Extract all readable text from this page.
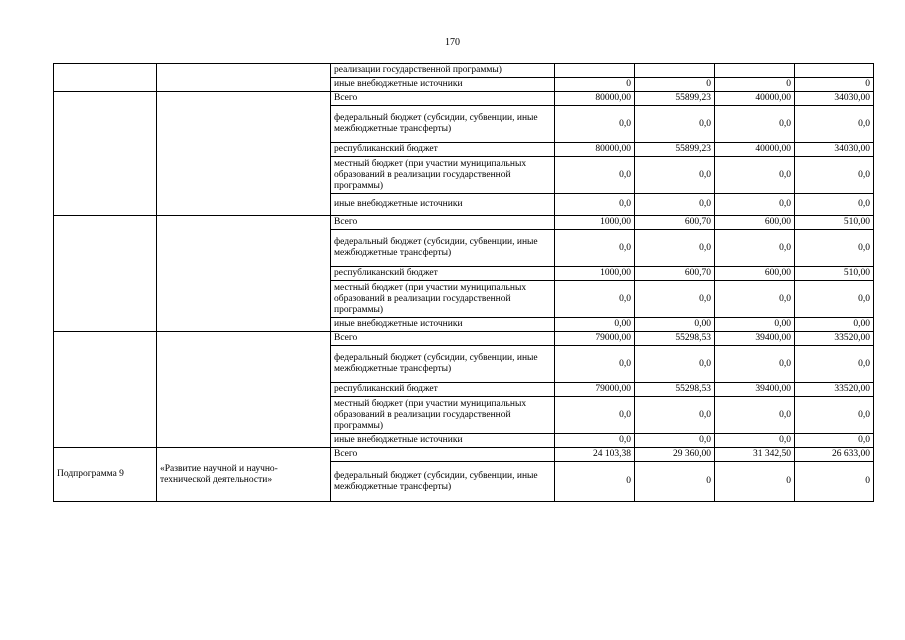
170
		реализации государственной программы)				
		иные внебюджетные источники	0	0	0	0
		Всего	80000,00	55899,23	40000,00	34030,00
		федеральный бюджет (субсидии, субвенции, иные межбюджетные трансферты)	0,0	0,0	0,0	0,0
		республиканский бюджет	80000,00	55899,23	40000,00	34030,00
		местный бюджет (при участии муниципальных образований в реализации государственной программы)	0,0	0,0	0,0	0,0
		иные внебюджетные источники	0,0	0,0	0,0	0,0
		Всего	1000,00	600,70	600,00	510,00
		федеральный бюджет (субсидии, субвенции, иные межбюджетные трансферты)	0,0	0,0	0,0	0,0
		республиканский бюджет	1000,00	600,70	600,00	510,00
		местный бюджет (при участии муниципальных образований в реализации государственной программы)	0,0	0,0	0,0	0,0
		иные внебюджетные источники	0,00	0,00	0,00	0,00
		Всего	79000,00	55298,53	39400,00	33520,00
		федеральный бюджет (субсидии, субвенции, иные межбюджетные трансферты)	0,0	0,0	0,0	0,0
		республиканский бюджет	79000,00	55298,53	39400,00	33520,00
		местный бюджет (при участии муниципальных образований в реализации государственной программы)	0,0	0,0	0,0	0,0
		иные внебюджетные источники	0,0	0,0	0,0	0,0
Подпрограмма 9	«Развитие научной и научно-технической деятельности»	Всего	24 103,38	29 360,00	31 342,50	26 633,00
		федеральный бюджет (субсидии, субвенции, иные межбюджетные трансферты)	0	0	0	0
